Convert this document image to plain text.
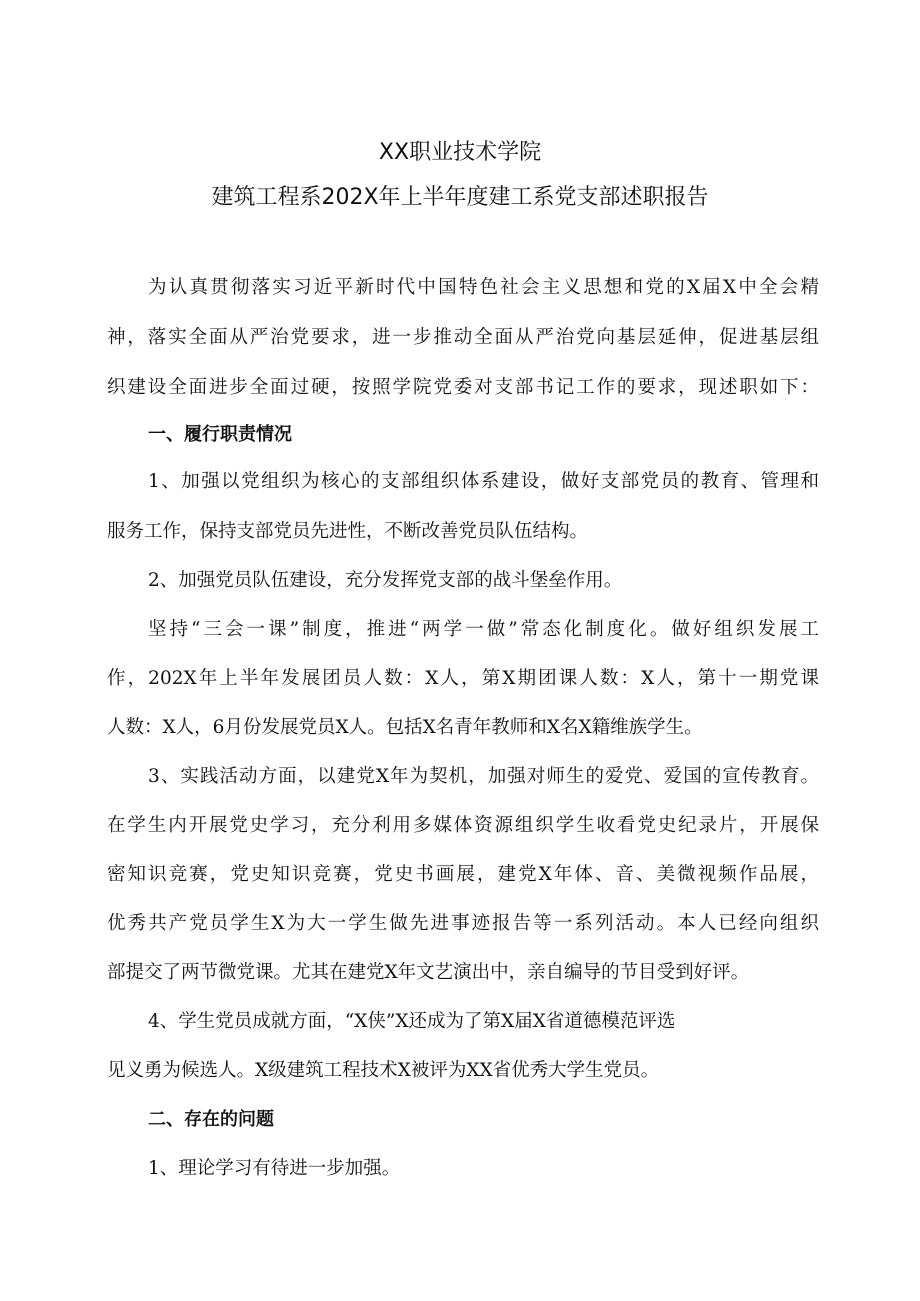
XX职业技术学院
建筑工程系202X年上半年度建工系党支部述职报告
为认真贯彻落实习近平新时代中国特色社会主义思想和党的X届X中全会精
神，落实全面从严治党要求，进一步推动全面从严治党向基层延伸，促进基层组
织建设全面进步全面过硬，按照学院党委对支部书记工作的要求，现述职如下：
一、履行职责情况
1、加强以党组织为核心的支部组织体系建设，做好支部党员的教育、管理和
服务工作，保持支部党员先进性，不断改善党员队伍结构。
2、加强党员队伍建设，充分发挥党支部的战斗堡垒作用。
坚持“三会一课”制度，推进“两学一做”常态化制度化。做好组织发展工
作，202X年上半年发展团员人数：X人，第X期团课人数：X人，第十一期党课
人数：X人，6月份发展党员X人。包括X名青年教师和X名X籍维族学生。
3、实践活动方面，以建党X年为契机，加强对师生的爱党、爱国的宣传教育。
在学生内开展党史学习，充分利用多媒体资源组织学生收看党史纪录片，开展保
密知识竞赛，党史知识竞赛，党史书画展，建党X年体、音、美微视频作品展，
优秀共产党员学生X为大一学生做先进事迹报告等一系列活动。本人已经向组织
部提交了两节微党课。尤其在建党X年文艺演出中，亲自编导的节目受到好评。
4、学生党员成就方面，“X侠”X还成为了第X届X省道德模范评选
见义勇为候选人。X级建筑工程技术X被评为XX省优秀大学生党员。
二、存在的问题
1、理论学习有待进一步加强。
